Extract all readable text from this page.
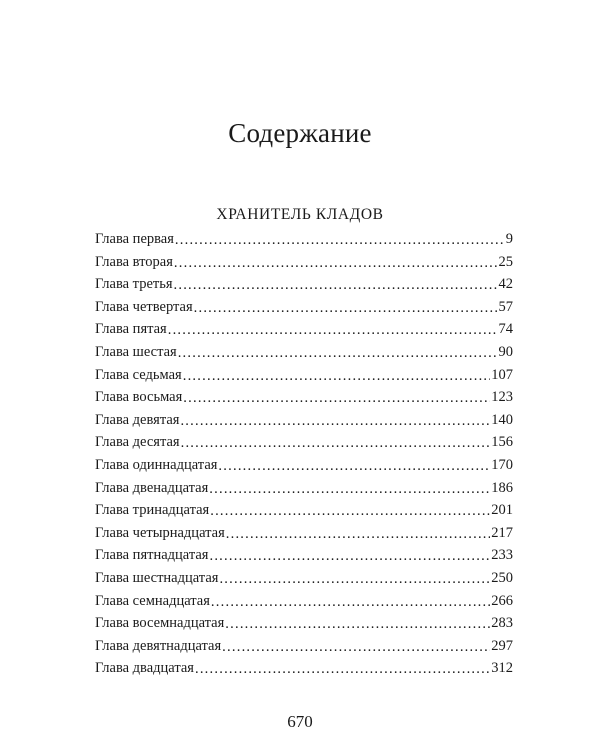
Содержание
ХРАНИТЕЛЬ КЛАДОВ
Глава первая . . .	9
Глава вторая . . .	25
Глава третья . . .	42
Глава четвертая . . .	57
Глава пятая . . .	74
Глава шестая . . .	90
Глава седьмая . . .	107
Глава восьмая . . .	123
Глава девятая . . .	140
Глава десятая . . .	156
Глава одиннадцатая . . .	170
Глава двенадцатая . . .	186
Глава тринадцатая . . .	201
Глава четырнадцатая . . .	217
Глава пятнадцатая . . .	233
Глава шестнадцатая . . .	250
Глава семнадцатая . . .	266
Глава восемнадцатая . . .	283
Глава девятнадцатая . . .	297
Глава двадцатая . . .	312
670
